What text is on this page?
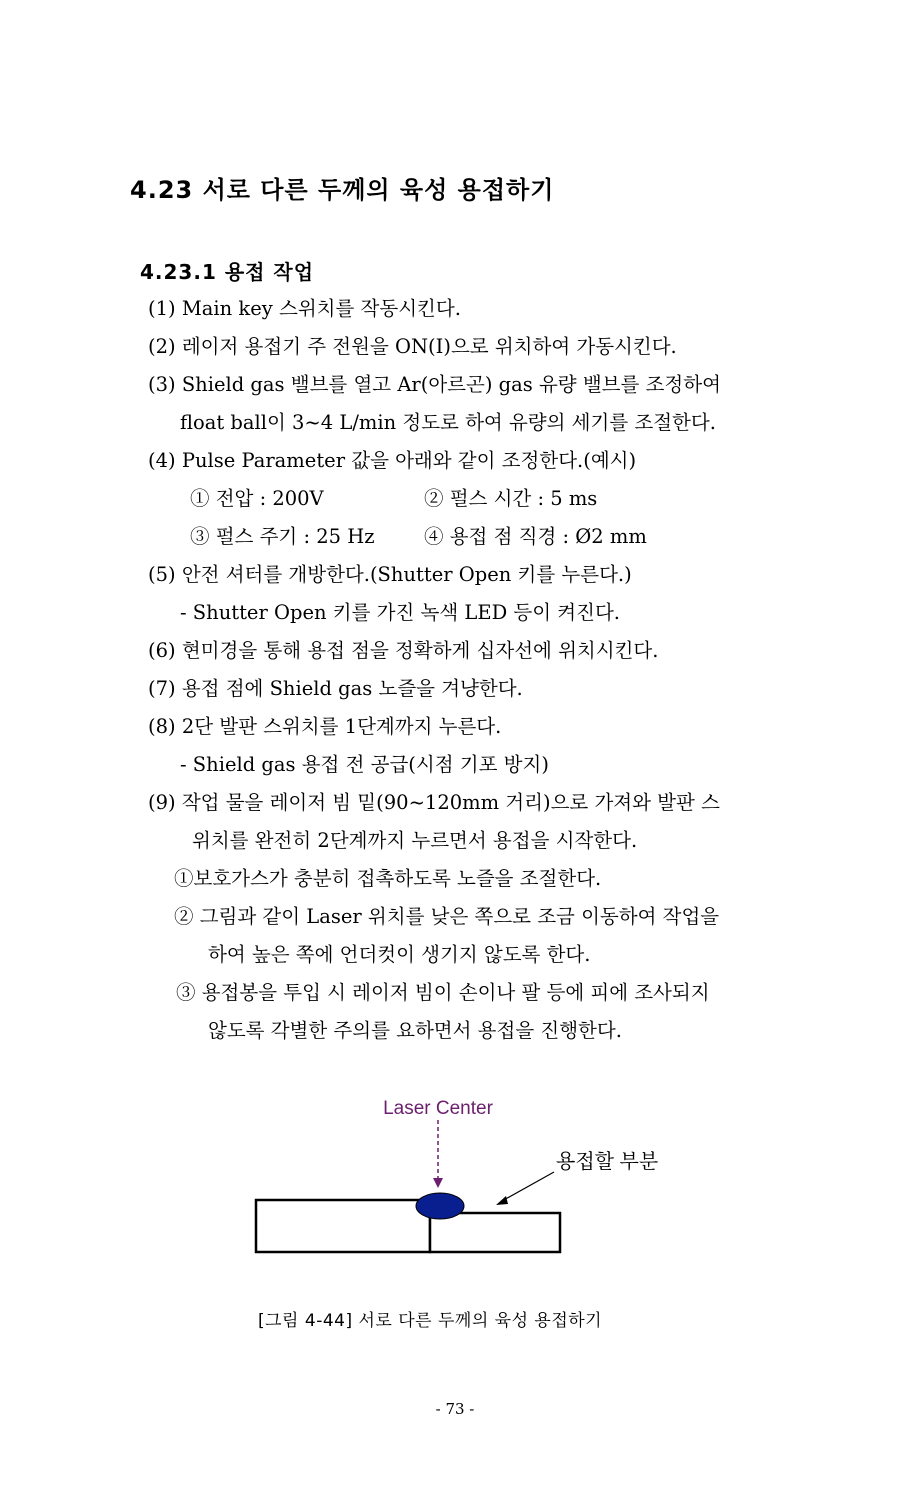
4.23 서로 다른 두께의 육성 용접하기
4.23.1 용접 작업
(1) Main key 스위치를 작동시킨다.
(2) 레이저 용접기 주 전원을 ON(Ⅰ)으로 위치하여 가동시킨다.
(3) Shield gas 밸브를 열고 Ar(아르곤) gas 유량 밸브를 조정하여
float ball이 3~4 L/min 정도로 하여 유량의 세기를 조절한다.
(4) Pulse Parameter 값을 아래와 같이 조정한다.(예시)
① 전압 : 200V	② 펄스 시간 : 5 ms
③ 펄스 주기 : 25 Hz	④ 용접 점 직경 : Ø2 mm
(5) 안전 셔터를 개방한다.(Shutter Open 키를 누른다.)
- Shutter Open 키를 가진 녹색 LED 등이 켜진다.
(6) 현미경을 통해 용접 점을 정확하게 십자선에 위치시킨다.
(7) 용접 점에 Shield gas 노즐을 겨냥한다.
(8) 2단 발판 스위치를 1단계까지 누른다.
- Shield gas 용접 전 공급(시점 기포 방지)
(9) 작업 물을 레이저 빔 밑(90~120mm 거리)으로 가져와 발판 스
위치를 완전히 2단계까지 누르면서 용접을 시작한다.
①보호가스가 충분히 접촉하도록 노즐을 조절한다.
② 그림과 같이 Laser 위치를 낮은 쪽으로 조금 이동하여 작업을
하여 높은 쪽에 언더컷이 생기지 않도록 한다.
③ 용접봉을 투입 시 레이저 빔이 손이나 팔 등에 피에 조사되지
않도록 각별한 주의를 요하면서 용접을 진행한다.
Laser Center
용접할 부분
[그림 4-44] 서로 다른 두께의 육성 용접하기
- 73 -
